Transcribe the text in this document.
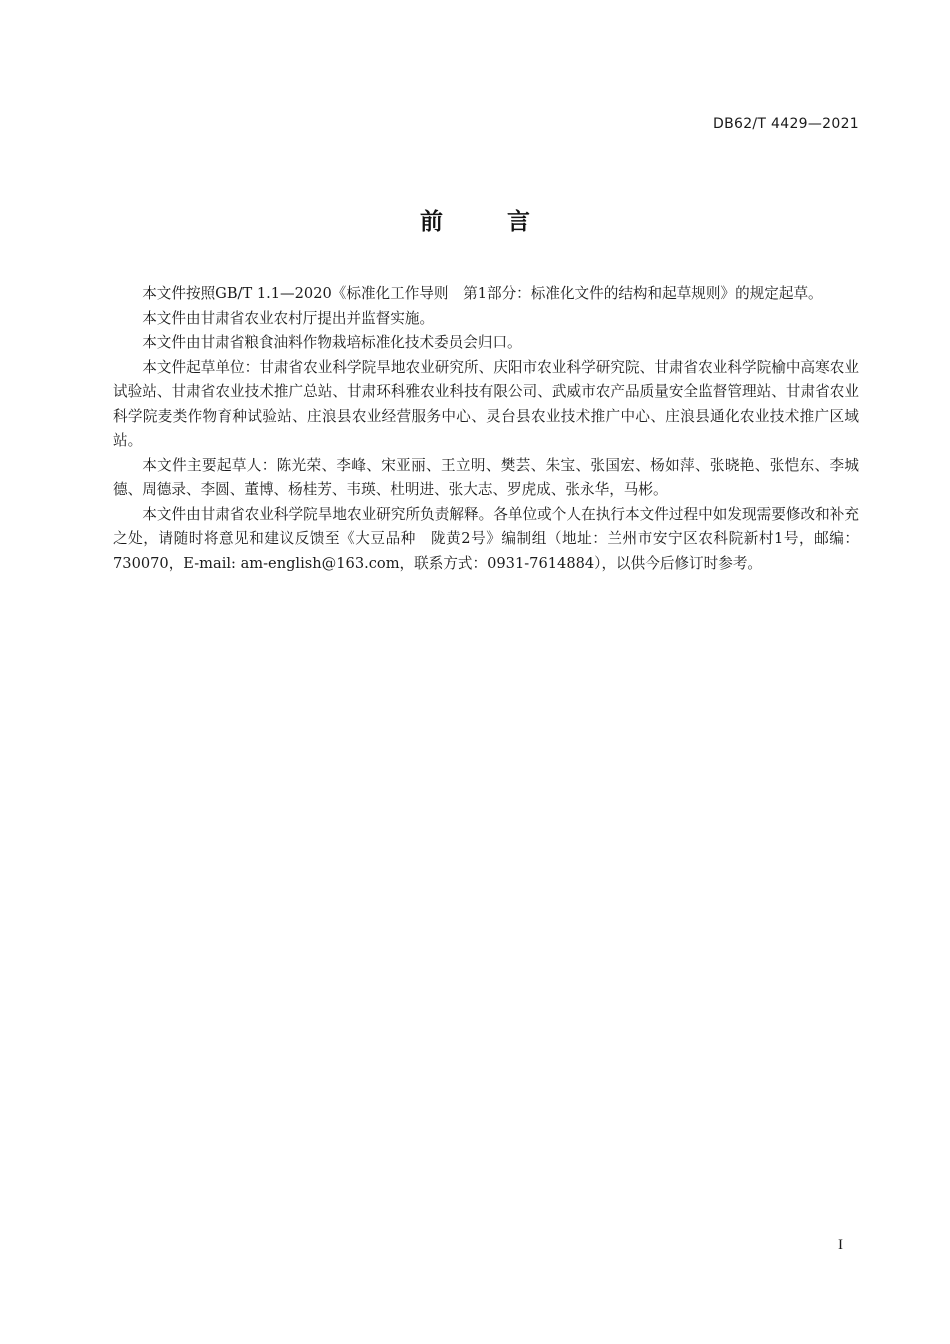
DB62/T 4429—2021
前	言

本文件按照GB/T 1.1—2020《标准化工作导则　第1部分：标准化文件的结构和起草规则》的规定起草。

本文件由甘肃省农业农村厅提出并监督实施。

本文件由甘肃省粮食油料作物栽培标准化技术委员会归口。

本文件起草单位：甘肃省农业科学院旱地农业研究所、庆阳市农业科学研究院、甘肃省农业科学院榆中高寒农业试验站、甘肃省农业技术推广总站、甘肃环科雅农业科技有限公司、武威市农产品质量安全监督管理站、甘肃省农业科学院麦类作物育种试验站、庄浪县农业经营服务中心、灵台县农业技术推广中心、庄浪县通化农业技术推广区域站。

本文件主要起草人：陈光荣、李峰、宋亚丽、王立明、樊芸、朱宝、张国宏、杨如萍、张晓艳、张恺东、李城德、周德录、李圆、董博、杨桂芳、韦瑛、杜明进、张大志、罗虎成、张永华，马彬。

本文件由甘肃省农业科学院旱地农业研究所负责解释。各单位或个人在执行本文件过程中如发现需要修改和补充之处，请随时将意见和建议反馈至《大豆品种　陇黄2号》编制组（地址：兰州市安宁区农科院新村1号，邮编：730070，E-mail: am-english@163.com，联系方式：0931-7614884），以供今后修订时参考。

I
